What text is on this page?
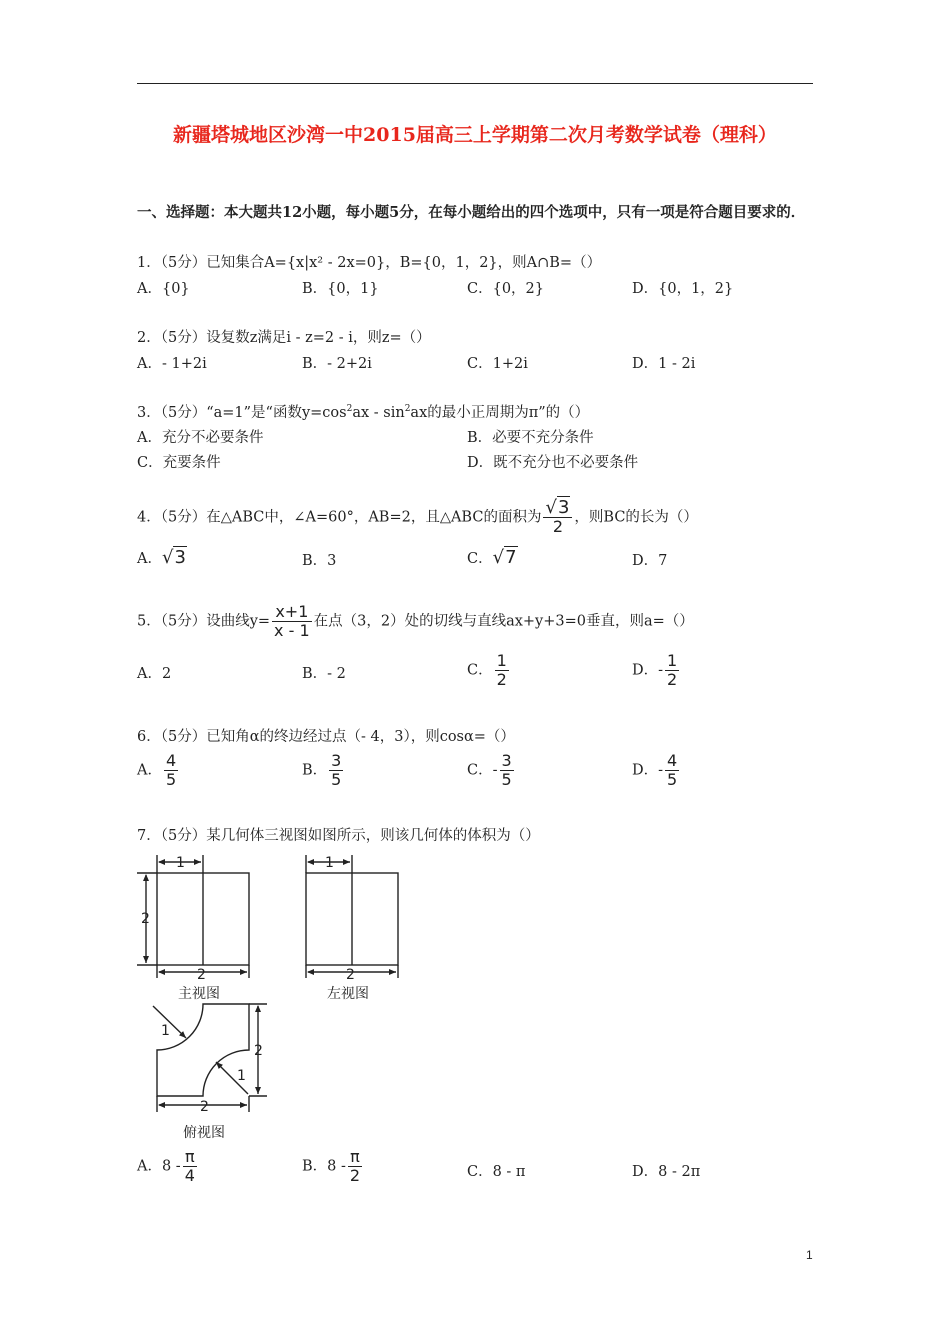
新疆塔城地区沙湾一中2015届高三上学期第二次月考数学试卷（理科）
一、选择题：本大题共12小题，每小题5分，在每小题给出的四个选项中，只有一项是符合题目要求的．
1．（5分）已知集合A={x|x² - 2x=0}，B={0，1，2}，则A∩B=（）
A．{0}	B．{0，1}	C．{0，2}	D．{0，1，2}
2．（5分）设复数z满足i - z=2 - i，则z=（）
A．- 1+2i	B．- 2+2i	C．1+2i	D．1 - 2i
3．（5分）“a=1”是“函数$y=\cos^2ax - \sin^2ax$的最小正周期为π”的（）
A．充分不必要条件	B．必要不充分条件
C．充要条件	D．既不充分也不必要条件
4．（5分）在△ABC中，∠A=60°，AB=2，且△ABC的面积为 $\frac{√3}{2}$ ，则BC的长为（）
A．√3	B．3	C．√7	D．7
5．（5分）设曲线$y= \frac{x+1}{x - 1}$ 在点（3，2）处的切线与直线ax+y+3=0垂直，则a=（）
A．2	B．- 2	C． $\frac{1}{2}$	D．- $\frac{1}{2}$
6．（5分）已知角α的终边经过点（- 4，3），则cosα=（）
A． $\frac{4}{5}$	B． $\frac{3}{5}$	C．- $\frac{3}{5}$	D．- $\frac{4}{5}$
7．（5分）某几何体三视图如图所示，则该几何体的体积为（）
1
2
2
1
2
1
1
2
2
主视图	左视图
俯视图
A．$8 - \frac{\pi}{4}$	B．$8 - \frac{\pi}{2}$	C．8 - π	D．8 - 2π
1
